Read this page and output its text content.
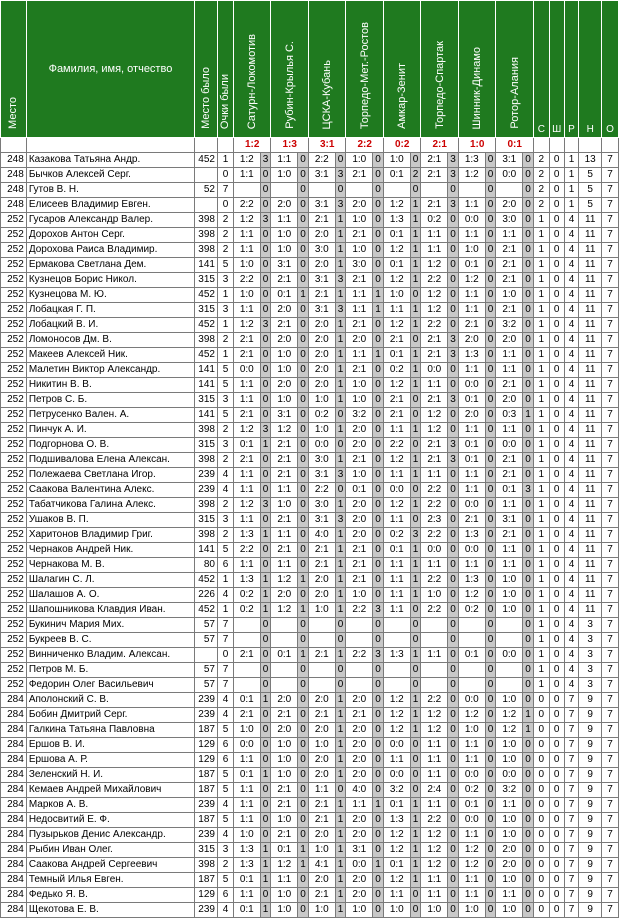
Место	Фамилия, имя, отчество	Место было	Очки были	Сатурн-Локомотив		Рубин-Крылья С.		ЦСКА-Кубань		Торпедо-Мет.-Ростов		Амкар-Зенит		Торпедо-Спартак		Шинник-Динамо		Ротор-Алания		С	Ш	Р	Н	О
				1:2		1:3		3:1		2:2		0:2		2:1		1:0		0:1						
248	Казакова Татьяна Андр.	452	1	1:2	3	1:1	0	2:2	0	1:0	0	1:0	0	2:1	3	1:3	0	3:1	0	2	0	1	13	7
248	Бычков Алексей Серг.		0	1:1	0	1:0	0	3:1	3	2:1	0	0:1	2	2:1	3	1:2	0	0:0	0	2	0	1	5	7
248	Гутов В. Н.	52	7		0		0		0		0		0		0		0		0	2	0	1	5	7
248	Елисеев Владимир Евген.		0	2:2	0	2:0	0	3:1	3	2:0	0	1:2	1	2:1	3	1:1	0	2:0	0	2	0	1	5	7
252	Гусаров Александр Валер.	398	2	1:2	3	1:1	0	2:1	1	1:0	0	1:3	1	0:2	0	0:0	0	3:0	0	1	0	4	11	7
252	Дорохов Антон Серг.	398	2	1:1	0	1:0	0	2:0	1	2:1	0	0:1	1	1:1	0	1:1	0	1:1	0	1	0	4	11	7
252	Дорохова Раиса Владимир.	398	2	1:1	0	1:0	0	3:0	1	1:0	0	1:2	1	1:1	0	1:0	0	2:1	0	1	0	4	11	7
252	Ермакова Светлана Дем.	141	5	1:0	0	3:1	0	2:0	1	3:0	0	0:1	1	1:2	0	0:1	0	2:1	0	1	0	4	11	7
252	Кузнецов Борис Никол.	315	3	2:2	0	2:1	0	3:1	3	2:1	0	1:2	1	2:2	0	1:2	0	2:1	0	1	0	4	11	7
252	Кузнецова М. Ю.	452	1	1:0	0	0:1	1	2:1	1	1:1	1	1:0	0	1:2	0	1:1	0	1:0	0	1	0	4	11	7
252	Лобацкая Г. П.	315	3	1:1	0	2:0	0	3:1	3	1:1	1	1:1	1	1:2	0	1:1	0	2:1	0	1	0	4	11	7
252	Лобацкий В. И.	452	1	1:2	3	2:1	0	2:0	1	2:1	0	1:2	1	2:2	0	2:1	0	3:2	0	1	0	4	11	7
252	Ломоносов Дм. В.	398	2	2:1	0	2:0	0	2:0	1	2:0	0	2:1	0	2:1	3	2:0	0	2:0	0	1	0	4	11	7
252	Макеев Алексей Ник.	452	1	2:1	0	1:0	0	2:0	1	1:1	1	0:1	1	2:1	3	1:3	0	1:1	0	1	0	4	11	7
252	Малетин Виктор Александр.	141	5	0:0	0	1:0	0	2:0	1	2:1	0	0:2	1	0:0	0	1:1	0	1:1	0	1	0	4	11	7
252	Никитин В. В.	141	5	1:1	0	2:0	0	2:0	1	1:0	0	1:2	1	1:1	0	0:0	0	2:1	0	1	0	4	11	7
252	Петров С. Б.	315	3	1:1	0	1:0	0	1:0	1	1:0	0	2:1	0	2:1	3	0:1	0	2:0	0	1	0	4	11	7
252	Петрусенко Вален. А.	141	5	2:1	0	3:1	0	0:2	0	3:2	0	2:1	0	1:2	0	2:0	0	0:3	1	1	0	4	11	7
252	Пинчук А. И.	398	2	1:2	3	1:2	0	1:0	1	2:0	0	1:1	1	1:2	0	1:1	0	1:1	0	1	0	4	11	7
252	Подгорнова О. В.	315	3	0:1	1	2:1	0	0:0	0	2:0	0	2:2	0	2:1	3	0:1	0	0:0	0	1	0	4	11	7
252	Подшивалова Елена Алексан.	398	2	2:1	0	2:1	0	3:0	1	2:1	0	1:2	1	2:1	3	0:1	0	2:1	0	1	0	4	11	7
252	Полежаева Светлана Игор.	239	4	1:1	0	2:1	0	3:1	3	1:0	0	1:1	1	1:1	0	1:1	0	2:1	0	1	0	4	11	7
252	Саакова Валентина Алекс.	239	4	1:1	0	1:1	0	2:2	0	0:1	0	0:0	0	2:2	0	1:1	0	0:1	3	1	0	4	11	7
252	Табатчикова Галина Алекс.	398	2	1:2	3	1:0	0	3:0	1	2:0	0	1:2	1	2:2	0	0:0	0	1:1	0	1	0	4	11	7
252	Ушаков В. П.	315	3	1:1	0	2:1	0	3:1	3	2:0	0	1:1	0	2:3	0	2:1	0	3:1	0	1	0	4	11	7
252	Харитонов Владимир Григ.	398	2	1:3	1	1:1	0	4:0	1	2:0	0	0:2	3	2:2	0	1:3	0	2:1	0	1	0	4	11	7
252	Чернаков Андрей Ник.	141	5	2:2	0	2:1	0	2:1	1	2:1	0	0:1	1	0:0	0	0:0	0	1:1	0	1	0	4	11	7
252	Чернакова М. В.	80	6	1:1	0	1:1	0	2:1	1	2:1	0	1:1	1	1:1	0	1:1	0	1:1	0	1	0	4	11	7
252	Шалагин С. Л.	452	1	1:3	1	1:2	1	2:0	1	2:1	0	1:1	1	2:2	0	1:3	0	1:0	0	1	0	4	11	7
252	Шалашов А. О.	226	4	0:2	1	2:0	0	2:0	1	1:0	0	1:1	1	1:0	0	1:2	0	1:0	0	1	0	4	11	7
252	Шапошникова Клавдия Иван.	452	1	0:2	1	1:2	1	1:0	1	2:2	3	1:1	0	2:2	0	0:2	0	1:0	0	1	0	4	11	7
252	Букинич Мария Мих.	57	7		0		0		0		0		0		0		0		0	1	0	4	3	7
252	Букреев В. С.	57	7		0		0		0		0		0		0		0		0	1	0	4	3	7
252	Винниченко Владим. Алексан.		0	2:1	0	0:1	1	2:1	1	2:2	3	1:3	1	1:1	0	0:1	0	0:0	0	1	0	4	3	7
252	Петров М. Б.	57	7		0		0		0		0		0		0		0		0	1	0	4	3	7
252	Федорин Олег Васильевич	57	7		0		0		0		0		0		0		0		0	1	0	4	3	7
284	Аполонский С. В.	239	4	0:1	1	2:0	0	2:0	1	2:0	0	1:2	1	2:2	0	0:0	0	1:0	0	0	0	7	9	7
284	Бобин Дмитрий Серг.	239	4	2:1	0	2:1	0	2:1	1	2:1	0	1:2	1	1:2	0	1:2	0	1:2	1	0	0	7	9	7
284	Галкина Татьяна Павловна	187	5	1:0	0	2:0	0	2:0	1	2:0	0	1:2	1	1:2	0	1:0	0	1:2	1	0	0	7	9	7
284	Ершов В. И.	129	6	0:0	0	1:0	0	1:0	1	2:0	0	0:0	0	1:1	0	1:1	0	1:0	0	0	0	7	9	7
284	Ершова А. Р.	129	6	1:1	0	1:0	0	2:0	1	2:0	0	1:1	0	1:1	0	1:1	0	1:0	0	0	0	7	9	7
284	Зеленский Н. И.	187	5	0:1	1	1:0	0	2:0	1	2:0	0	0:0	0	1:1	0	0:0	0	0:0	0	0	0	7	9	7
284	Кемаев Андрей Михайлович	187	5	1:1	0	2:1	0	1:1	0	4:0	0	3:2	0	2:4	0	0:2	0	3:2	0	0	0	7	9	7
284	Марков А. В.	239	4	1:1	0	2:1	0	2:1	1	1:1	1	0:1	1	1:1	0	0:1	0	1:1	0	0	0	7	9	7
284	Недосвитий Е. Ф.	187	5	1:1	0	1:0	0	2:1	1	2:0	0	1:3	1	2:2	0	0:0	0	1:0	0	0	0	7	9	7
284	Пузырьков Денис Александр.	239	4	1:0	0	2:1	0	2:0	1	2:0	0	1:2	1	1:2	0	1:1	0	1:0	0	0	0	7	9	7
284	Рыбин Иван Олег.	315	3	1:3	1	0:1	1	1:0	1	3:1	0	1:2	1	1:2	0	1:2	0	2:0	0	0	0	7	9	7
284	Саакова Андрей Сергеевич	398	2	1:3	1	1:2	1	4:1	1	0:0	1	0:1	1	1:2	0	1:2	0	2:0	0	0	0	7	9	7
284	Темный Илья Евген.	187	5	0:1	1	1:1	0	2:0	1	2:0	0	1:2	1	1:1	0	1:1	0	1:0	0	0	0	7	9	7
284	Федько Я. В.	129	6	1:1	0	1:0	0	2:1	1	2:0	0	1:1	0	1:1	0	1:1	0	1:1	0	0	0	7	9	7
284	Щекотова Е. В.	239	4	0:1	1	1:0	0	1:0	1	1:0	0	1:0	0	1:0	0	1:0	0	1:0	0	0	0	7	9	7
